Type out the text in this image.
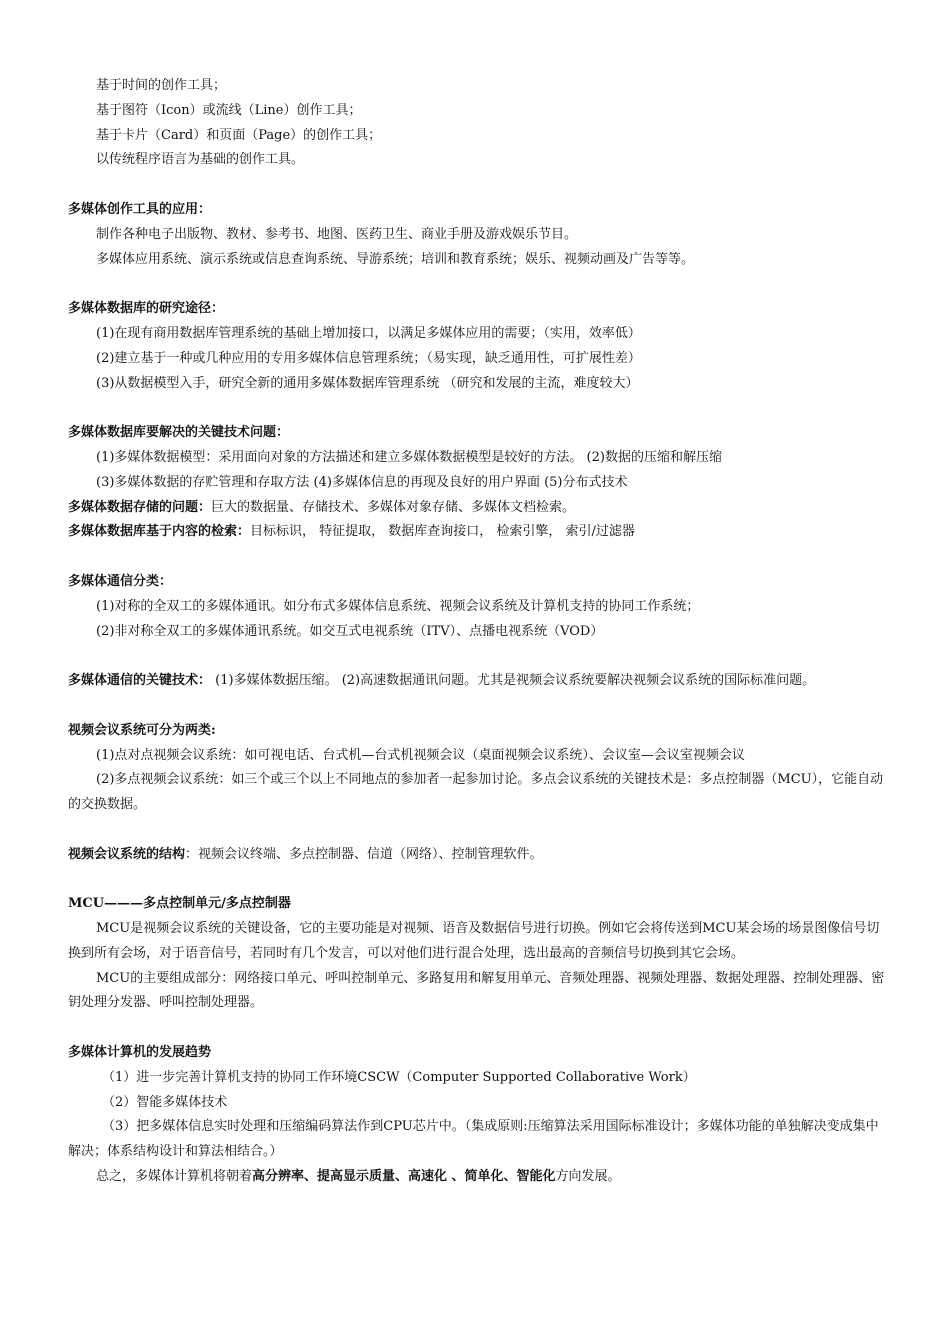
基于时间的创作工具；
基于图符（Icon）或流线（Line）创作工具；
基于卡片（Card）和页面（Page）的创作工具；
以传统程序语言为基础的创作工具。
多媒体创作工具的应用：
制作各种电子出版物、教材、参考书、地图、医药卫生、商业手册及游戏娱乐节目。
多媒体应用系统、演示系统或信息查询系统、导游系统；培训和教育系统；娱乐、视频动画及广告等等。
多媒体数据库的研究途径：
(1)在现有商用数据库管理系统的基础上增加接口，以满足多媒体应用的需要；（实用，效率低）
(2)建立基于一种或几种应用的专用多媒体信息管理系统；（易实现，缺乏通用性，可扩展性差）
(3)从数据模型入手，研究全新的通用多媒体数据库管理系统 （研究和发展的主流，难度较大）
多媒体数据库要解决的关键技术问题：
(1)多媒体数据模型：采用面向对象的方法描述和建立多媒体数据模型是较好的方法。 (2)数据的压缩和解压缩
(3)多媒体数据的存贮管理和存取方法 (4)多媒体信息的再现及良好的用户界面 (5)分布式技术
多媒体数据存储的问题：巨大的数据量、存储技术、多媒体对象存储、多媒体文档检索。
多媒体数据库基于内容的检索：目标标识， 特征提取， 数据库查询接口， 检索引擎， 索引/过滤器
多媒体通信分类：
(1)对称的全双工的多媒体通讯。如分布式多媒体信息系统、视频会议系统及计算机支持的协同工作系统；
(2)非对称全双工的多媒体通讯系统。如交互式电视系统（ITV）、点播电视系统（VOD）
多媒体通信的关键技术： (1)多媒体数据压缩。 (2)高速数据通讯问题。尤其是视频会议系统要解决视频会议系统的国际标准问题。
视频会议系统可分为两类:
(1)点对点视频会议系统：如可视电话、台式机—台式机视频会议（桌面视频会议系统）、会议室—会议室视频会议
(2)多点视频会议系统：如三个或三个以上不同地点的参加者一起参加讨论。多点会议系统的关键技术是：多点控制器（MCU），它能自动的交换数据。
视频会议系统的结构：视频会议终端、多点控制器、信道（网络）、控制管理软件。
MCU———多点控制单元/多点控制器
MCU是视频会议系统的关键设备，它的主要功能是对视频、语音及数据信号进行切换。例如它会将传送到MCU某会场的场景图像信号切换到所有会场，对于语音信号，若同时有几个发言，可以对他们进行混合处理，选出最高的音频信号切换到其它会场。
MCU的主要组成部分：网络接口单元、呼叫控制单元、多路复用和解复用单元、音频处理器、视频处理器、数据处理器、控制处理器、密钥处理分发器、呼叫控制处理器。
多媒体计算机的发展趋势
（1）进一步完善计算机支持的协同工作环境CSCW（Computer Supported Collaborative Work）
（2）智能多媒体技术
（3）把多媒体信息实时处理和压缩编码算法作到CPU芯片中。（集成原则:压缩算法采用国际标准设计；多媒体功能的单独解决变成集中解决；体系结构设计和算法相结合。）
总之，多媒体计算机将朝着高分辨率、提高显示质量、高速化 、简单化、智能化方向发展。
